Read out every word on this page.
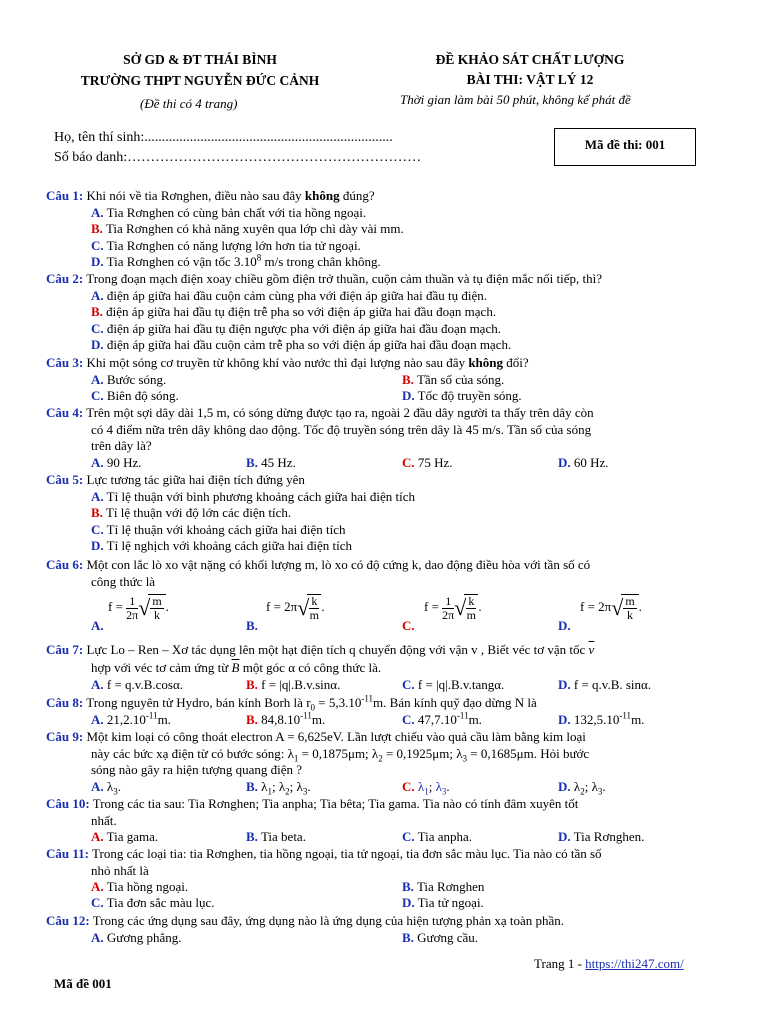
SỞ GD & ĐT THÁI BÌNH
TRƯỜNG THPT NGUYỄN ĐỨC CẢNH
(Đề thi có 4 trang)
ĐỀ KHẢO SÁT CHẤT LƯỢNG
BÀI THI: VẬT LÝ 12
Thời gian làm bài 50 phút, không kể phát đề
Họ, tên thí sinh:.......................................................................
Số báo danh:………………………………………………………
Mã đề thi: 001
Câu 1: Khi nói về tia Rơnghen, điều nào sau đây không đúng?
A. Tia Rơnghen có cùng bản chất với tia hồng ngoại.
B. Tia Rơnghen có khả năng xuyên qua lớp chì dày vài mm.
C. Tia Rơnghen có năng lượng lớn hơn tia tử ngoại.
D. Tia Rơnghen có vận tốc 3.10$^8$ m/s trong chân không.
Câu 2: Trong đoạn mạch điện xoay chiều gồm điện trở thuần, cuộn cảm thuần và tụ điện mắc nối tiếp, thì?
A. điện áp giữa hai đầu cuộn cảm cùng pha với điện áp giữa hai đầu tụ điện.
B. điện áp giữa hai đầu tụ điện trễ pha so với điện áp giữa hai đầu đoạn mạch.
C. điện áp giữa hai đầu tụ điện ngược pha với điện áp giữa hai đầu đoạn mạch.
D. điện áp giữa hai đầu cuộn cảm trễ pha so với điện áp giữa hai đầu đoạn mạch.
Câu 3: Khi một sóng cơ truyền từ không khí vào nước thì đại lượng nào sau đây không đổi?
A. Bước sóng.	B. Tần số của sóng.
C. Biên độ sóng.	D. Tốc độ truyền sóng.
Câu 4: Trên một sợi dây dài 1,5 m, có sóng dừng được tạo ra, ngoài 2 đầu dây người ta thấy trên dây còn
có 4 điểm nữa trên dây không dao động. Tốc độ truyền sóng trên dây là 45 m/s. Tần số của sóng
trên dây là?
A. 90 Hz.	B. 45 Hz.	C. 75 Hz.	D. 60 Hz.
Câu 5: Lực tương tác giữa hai điện tích đứng yên
A. Tỉ lệ thuận với bình phương khoảng cách giữa hai điện tích
B. Tỉ lệ thuận với độ lớn các điện tích.
C. Tỉ lệ thuận với khoảng cách giữa hai điện tích
D. Tỉ lệ nghịch với khoảng cách giữa hai điện tích
Câu 6: Một con lắc lò xo vật nặng có khối lượng m, lò xo có độ cứng k, dao động điều hòa với tần số có
công thức là
A.
$f = \frac{1}{2\pi}$ √
$\frac{m}{k}$ .
B.
f = 2π√
$\frac{k}{m}$ .
C.
$f = \frac{1}{2\pi}$ √
$\frac{k}{m}$ .
D.
f = 2π√
$\frac{m}{k}$ .
Câu 7: Lực Lo – Ren – Xơ tác dụng lên một hạt điện tích q chuyển động với vận v , Biết véc tơ vận tốc $\overline{v}$
hợp với véc tơ cảm ứng từ $\overline{B}$ một góc α có công thức là.
A. f = q.v.B.cosα.	B. f = |q|.B.v.sinα.	C. f = |q|.B.v.tangα.	D. f = q.v.B. sinα.
Câu 8: Trong nguyên tử Hydro, bán kính Borh là $r_0 = 5,3.10^{-11}m$. Bán kính quỹ đạo dừng N là
A. $21,2.10^{-11}m$.	B. $84,8.10^{-11}m$.	C. $47,7.10^{-11}m$.	D. $132,5.10^{-11}m$.
Câu 9: Một kim loại có công thoát electron A = 6,625eV. Lần lượt chiếu vào quả cầu làm bằng kim loại
này các bức xạ điện từ có bước sóng: $\lambda_1 = 0,1875\mu m$; $\lambda_2 = 0,1925\mu m$; $\lambda_3 = 0,1685\mu m$. Hỏi bước
sóng nào gây ra hiện tượng quang điện ?
A. $\lambda_3$.	B. $\lambda_1$; $\lambda_2$; $\lambda_3$.	C. $\lambda_1$; $\lambda_3$.	D. $\lambda_2$; $\lambda_3$.
Câu 10: Trong các tia sau: Tia Rơnghen; Tia anpha; Tia bêta; Tia gama. Tia nào có tính đâm xuyên tốt
nhất.
A. Tia gama.	B. Tia beta.	C. Tia anpha.	D. Tia Rơnghen.
Câu 11: Trong các loại tia: tia Rơnghen, tia hồng ngoại, tia tử ngoại, tia đơn sắc màu lục. Tia nào có tần số
nhỏ nhất là
A. Tia hồng ngoại.	B. Tia Rơnghen
C. Tia đơn sắc màu lục.	D. Tia tử ngoại.
Câu 12: Trong các ứng dụng sau đây, ứng dụng nào là ứng dụng của hiện tượng phản xạ toàn phần.
A. Gương phẳng.	B. Gương cầu.
Trang 1 - https://thi247.com/
Mã đề 001
